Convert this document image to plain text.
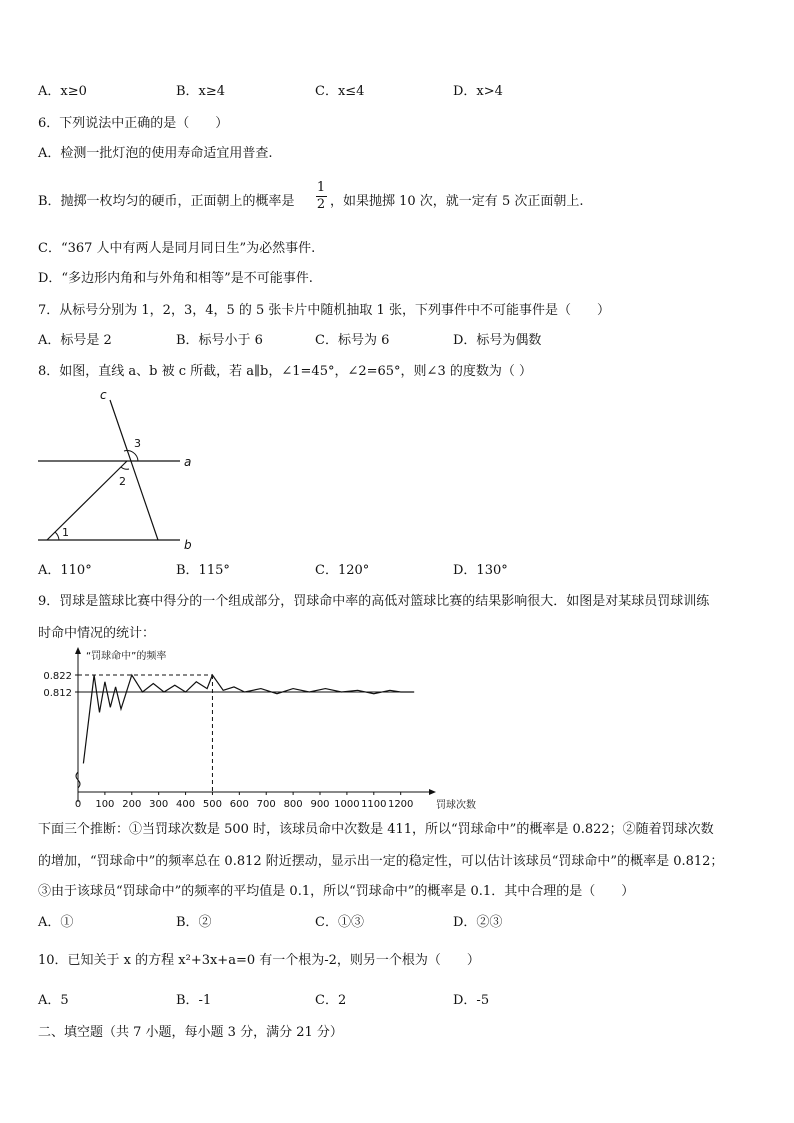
A．x≥0	B．x≥4	C．x≤4	D．x>4
6．下列说法中正确的是（　　）
A．检测一批灯泡的使用寿命适宜用普查.
B．抛掷一枚均匀的硬币，正面朝上的概率是
1
2 ，如果抛掷 10 次，就一定有 5 次正面朝上.
C．“367 人中有两人是同月同日生”为必然事件.
D．“多边形内角和与外角和相等”是不可能事件.
7．从标号分别为 1，2，3，4，5 的 5 张卡片中随机抽取 1 张，下列事件中不可能事件是（　　）
A．标号是 2	B．标号小于 6	C．标号为 6	D．标号为偶数
8．如图，直线 a、b 被 c 所截，若 a∥b，∠1=45°，∠2=65°，则∠3 的度数为（ ）
c
a
b
1
2
3
A．110°	B．115°	C．120°	D．130°
9．罚球是篮球比赛中得分的一个组成部分，罚球命中率的高低对篮球比赛的结果影响很大．如图是对某球员罚球训练
时命中情况的统计：
“罚球命中”的频率
罚球次数
0 100 200 300 400 500 600 700 800 900 1000 1100 1200
0.822
0.812
下面三个推断：①当罚球次数是 500 时，该球员命中次数是 411，所以“罚球命中”的概率是 0.822；②随着罚球次数
的增加，“罚球命中”的频率总在 0.812 附近摆动，显示出一定的稳定性，可以估计该球员“罚球命中”的概率是 0.812；
③由于该球员“罚球命中”的频率的平均值是 0.1，所以“罚球命中”的概率是 0.1．其中合理的是（　　）
A．①	B．②	C．①③	D．②③
10．已知关于 x 的方程 x²+3x+a=0 有一个根为-2，则另一个根为（　　）
A．5	B．-1	C．2	D．-5
二、填空题（共 7 小题，每小题 3 分，满分 21 分）
